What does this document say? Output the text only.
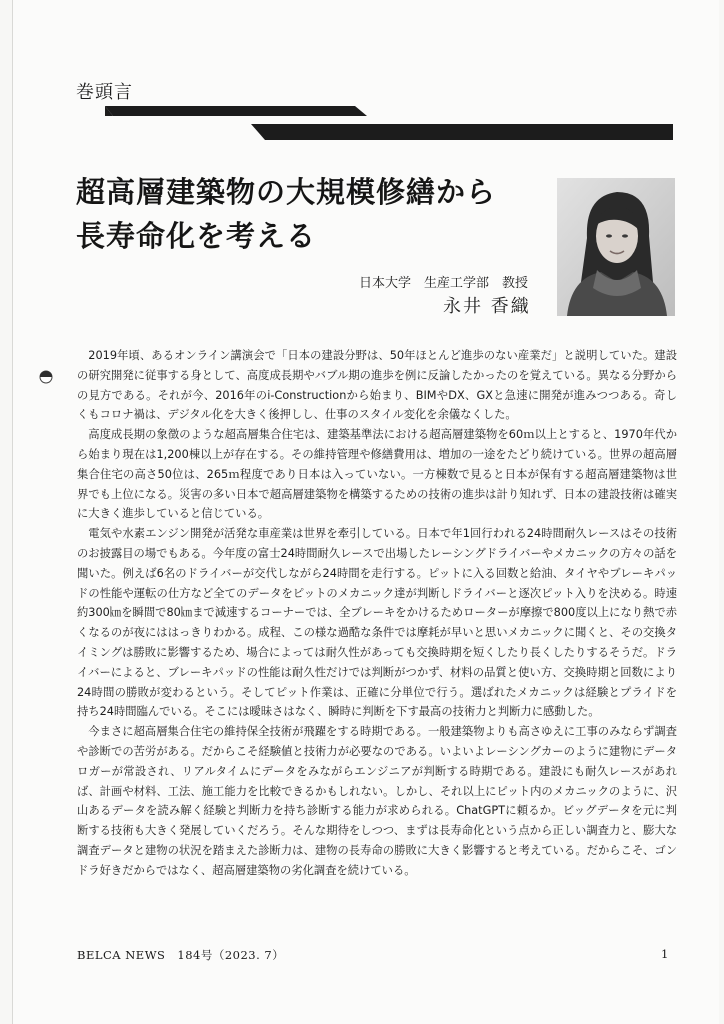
巻頭言
超高層建築物の大規模修繕から
長寿命化を考える
日本大学　生産工学部　教授
永井 香織

2019年頃、あるオンライン講演会で「日本の建設分野は、50年ほとんど進歩のない産業だ」と説明していた。建設の研究開発に従事する身として、高度成長期やバブル期の進歩を例に反論したかったのを覚えている。異なる分野からの見方である。それが今、2016年のi-Constructionから始まり、BIMやDX、GXと急速に開発が進みつつある。奇しくもコロナ禍は、デジタル化を大きく後押しし、仕事のスタイル変化を余儀なくした。

高度成長期の象徴のような超高層集合住宅は、建築基準法における超高層建築物を60ｍ以上とすると、1970年代から始まり現在は1,200棟以上が存在する。その維持管理や修繕費用は、増加の一途をたどり続けている。世界の超高層集合住宅の高さ50位は、265ｍ程度であり日本は入っていない。一方棟数で見ると日本が保有する超高層建築物は世界でも上位になる。災害の多い日本で超高層建築物を構築するための技術の進歩は計り知れず、日本の建設技術は確実に大きく進歩していると信じている。

電気や水素エンジン開発が活発な車産業は世界を牽引している。日本で年1回行われる24時間耐久レースはその技術のお披露目の場でもある。今年度の富士24時間耐久レースで出場したレーシングドライバーやメカニックの方々の話を聞いた。例えば6名のドライバーが交代しながら24時間を走行する。ピットに入る回数と給油、タイヤやブレーキパッドの性能や運転の仕方など全てのデータをピットのメカニック達が判断しドライバーと逐次ピット入りを決める。時速約300㎞を瞬間で80㎞まで減速するコーナーでは、全ブレーキをかけるためローターが摩擦で800度以上になり熱で赤くなるのが夜にははっきりわかる。成程、この様な過酷な条件では摩耗が早いと思いメカニックに聞くと、その交換タイミングは勝敗に影響するため、場合によっては耐久性があっても交換時期を短くしたり長くしたりするそうだ。ドライバーによると、ブレーキパッドの性能は耐久性だけでは判断がつかず、材料の品質と使い方、交換時期と回数により24時間の勝敗が変わるという。そしてピット作業は、正確に分単位で行う。選ばれたメカニックは経験とプライドを持ち24時間臨んでいる。そこには曖昧さはなく、瞬時に判断を下す最高の技術力と判断力に感動した。

今まさに超高層集合住宅の維持保全技術が飛躍をする時期である。一般建築物よりも高さゆえに工事のみならず調査や診断での苦労がある。だからこそ経験値と技術力が必要なのである。いよいよレーシングカーのように建物にデータロガーが常設され、リアルタイムにデータをみながらエンジニアが判断する時期である。建設にも耐久レースがあれば、計画や材料、工法、施工能力を比較できるかもしれない。しかし、それ以上にピット内のメカニックのように、沢山あるデータを読み解く経験と判断力を持ち診断する能力が求められる。ChatGPTに頼るか。ビッグデータを元に判断する技術も大きく発展していくだろう。そんな期待をしつつ、まずは長寿命化という点から正しい調査力と、膨大な調査データと建物の状況を踏まえた診断力は、建物の長寿命の勝敗に大きく影響すると考えている。だからこそ、ゴンドラ好きだからではなく、超高層建築物の劣化調査を続けている。

BELCA NEWS　184号（2023. 7）	1
